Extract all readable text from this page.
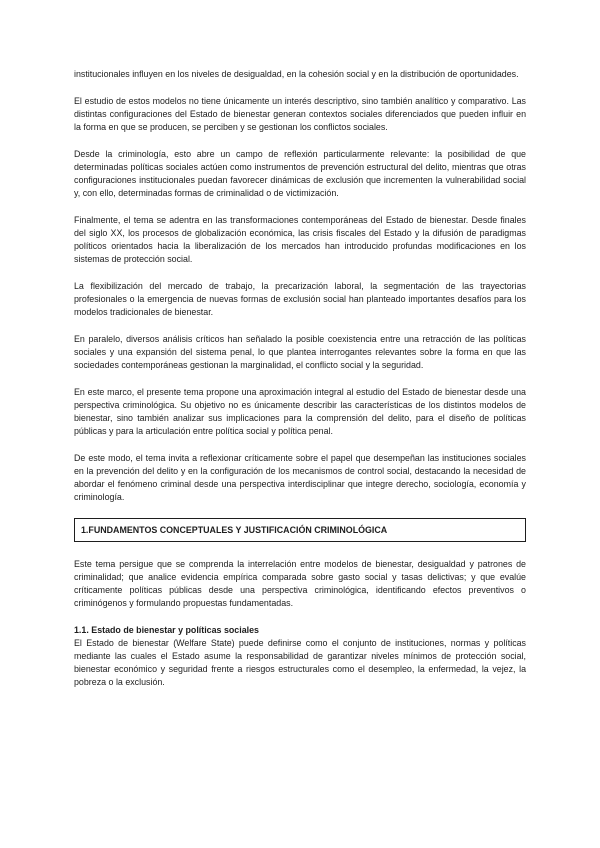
institucionales influyen en los niveles de desigualdad, en la cohesión social y en la distribución de oportunidades.

El estudio de estos modelos no tiene únicamente un interés descriptivo, sino también analítico y comparativo. Las distintas configuraciones del Estado de bienestar generan contextos sociales diferenciados que pueden influir en la forma en que se producen, se perciben y se gestionan los conflictos sociales.

Desde la criminología, esto abre un campo de reflexión particularmente relevante: la posibilidad de que determinadas políticas sociales actúen como instrumentos de prevención estructural del delito, mientras que otras configuraciones institucionales puedan favorecer dinámicas de exclusión que incrementen la vulnerabilidad social y, con ello, determinadas formas de criminalidad o de victimización.

Finalmente, el tema se adentra en las transformaciones contemporáneas del Estado de bienestar. Desde finales del siglo XX, los procesos de globalización económica, las crisis fiscales del Estado y la difusión de paradigmas políticos orientados hacia la liberalización de los mercados han introducido profundas modificaciones en los sistemas de protección social.

La flexibilización del mercado de trabajo, la precarización laboral, la segmentación de las trayectorias profesionales o la emergencia de nuevas formas de exclusión social han planteado importantes desafíos para los modelos tradicionales de bienestar.

En paralelo, diversos análisis críticos han señalado la posible coexistencia entre una retracción de las políticas sociales y una expansión del sistema penal, lo que plantea interrogantes relevantes sobre la forma en que las sociedades contemporáneas gestionan la marginalidad, el conflicto social y la seguridad.

En este marco, el presente tema propone una aproximación integral al estudio del Estado de bienestar desde una perspectiva criminológica. Su objetivo no es únicamente describir las características de los distintos modelos de bienestar, sino también analizar sus implicaciones para la comprensión del delito, para el diseño de políticas públicas y para la articulación entre política social y política penal.

De este modo, el tema invita a reflexionar críticamente sobre el papel que desempeñan las instituciones sociales en la prevención del delito y en la configuración de los mecanismos de control social, destacando la necesidad de abordar el fenómeno criminal desde una perspectiva interdisciplinar que integre derecho, sociología, economía y criminología.

1.FUNDAMENTOS CONCEPTUALES Y JUSTIFICACIÓN CRIMINOLÓGICA

Este tema persigue que se comprenda la interrelación entre modelos de bienestar, desigualdad y patrones de criminalidad; que analice evidencia empírica comparada sobre gasto social y tasas delictivas; y que evalúe críticamente políticas públicas desde una perspectiva criminológica, identificando efectos preventivos o criminógenos y formulando propuestas fundamentadas.

1.1. Estado de bienestar y políticas sociales

El Estado de bienestar (Welfare State) puede definirse como el conjunto de instituciones, normas y políticas mediante las cuales el Estado asume la responsabilidad de garantizar niveles mínimos de protección social, bienestar económico y seguridad frente a riesgos estructurales como el desempleo, la enfermedad, la vejez, la pobreza o la exclusión.
